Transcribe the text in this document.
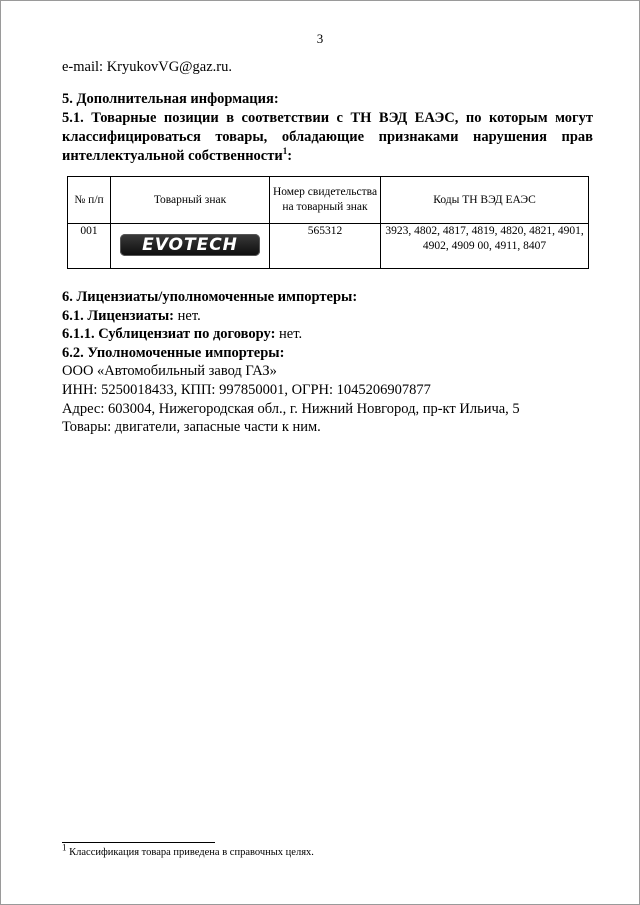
3
e-mail: KryukovVG@gaz.ru.
5. Дополнительная информация:
5.1. Товарные позиции в соответствии с ТН ВЭД ЕАЭС, по которым могут классифицироваться товары, обладающие признаками нарушения прав интеллектуальной собственности$^1$:
№ п/п	Товарный знак	Номер свидетельства на товарный знак	Коды ТН ВЭД ЕАЭС
001	EVOTECH	565312	3923, 4802, 4817, 4819, 4820, 4821, 4901, 4902, 4909 00, 4911, 8407
6. Лицензиаты/уполномоченные импортеры:
6.1. Лицензиаты: нет.
6.1.1. Сублицензиат по договору: нет.
6.2. Уполномоченные импортеры:
ООО «Автомобильный завод ГАЗ»
ИНН: 5250018433, КПП: 997850001, ОГРН: 1045206907877
Адрес: 603004, Нижегородская обл., г. Нижний Новгород, пр-кт Ильича, 5
Товары: двигатели, запасные части к ним.
$^1$ Классификация товара приведена в справочных целях.
